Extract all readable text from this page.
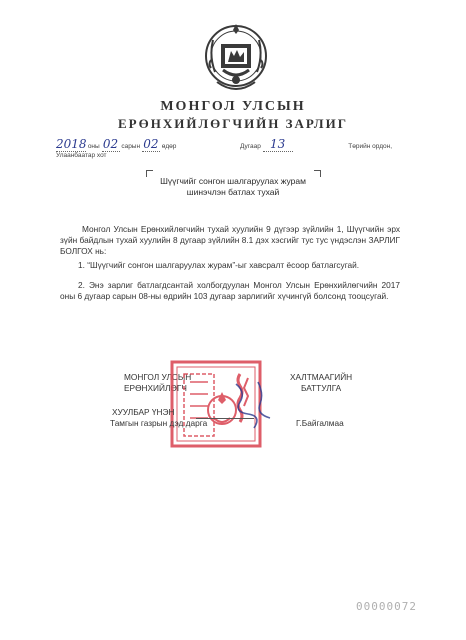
МОНГОЛ УЛСЫН
ЕРӨНХИЙЛӨГЧИЙН ЗАРЛИГ
2018 оны 02 сарын 02 өдөр	Дугаар 13	Төрийн ордон, Улаанбаатар хот
Шүүгчийг сонгон шалгаруулах журам
шинэчлэн батлах тухай
Монгол Улсын Ерөнхийлөгчийн тухай хуулийн 9 дүгээр зүйлийн 1, Шүүгчийн эрх зүйн байдлын тухай хуулийн 8 дугаар зүйлийн 8.1 дэх хэсгийг тус тус үндэслэн ЗАРЛИГ БОЛГОХ нь:
1. “Шүүгчийг сонгон шалгаруулах журам”-ыг хавсралт ёсоор батлагсугай.
2. Энэ зарлиг батлагдсантай холбогдуулан Монгол Улсын Ерөнхийлөгчийн 2017 оны 6 дугаар сарын 08-ны өдрийн 103 дугаар зарлигийг хүчингүй болсонд тооцсугай.
МОНГОЛ УЛСЫН
ЕРӨНХИЙЛӨГЧ
ХАЛТМААГИЙН
БАТТУЛГА
ХУУЛБАР ҮНЭН
Тамгын газрын дэд дарга	Г.Байгалмаа
00000072
